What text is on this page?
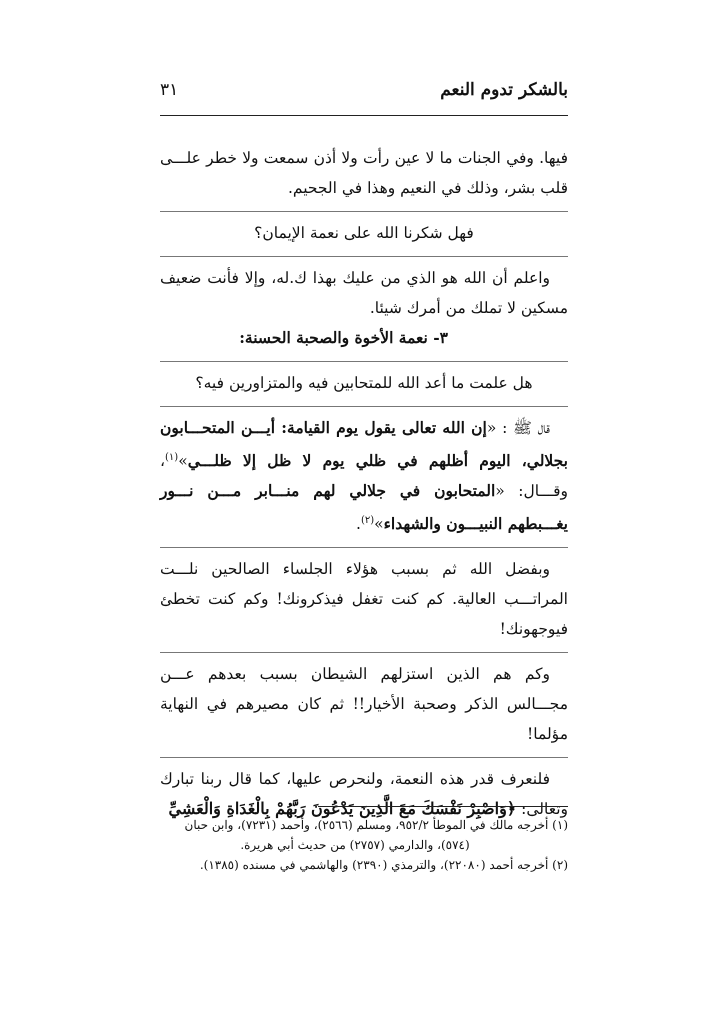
بالشكر تدوم النعم
٣١

فيها. وفي الجنات ما لا عين رأت ولا أذن سمعت ولا خطر علـــى قلب بشر، وذلك في النعيم وهذا في الجحيم.

فهل شكرنا الله على نعمة الإيمان؟

واعلم أن الله هو الذي من عليك بهذا ك.له، وإلا فأنت ضعيف مسكين لا تملك من أمرك شيئا.

٣- نعمة الأخوة والصحبة الحسنة:

هل علمت ما أعد الله للمتحابين فيه والمتزاورين فيه؟

قال ﷺ : «إن الله تعالى يقول يوم القيامة: أيـــن المتحـــابون بجلالي، اليوم أظلهم في ظلي يوم لا ظل إلا ظلـــي»$^{(١)}$، وقـــال: «المتحابون في جلالي لهم منـــابر مـــن نـــور يغـــبطهم النبيـــون والشهداء»$^{(٢)}$.

وبفضل الله ثم بسبب هؤلاء الجلساء الصالحين نلـــت المراتـــب العالية. كم كنت تغفل فيذكرونك! وكم كنت تخطئ فيوجهونك!

وكم هم الذين استزلهم الشيطان بسبب بعدهم عـــن مجـــالس الذكر وصحبة الأخيار!! ثم كان مصيرهم في النهاية مؤلما!

فلنعرف قدر هذه النعمة، ولنحرص عليها، كما قال ربنا تبارك وتعالى: ﴿وَاصْبِرْ نَفْسَكَ مَعَ الَّذِينَ يَدْعُونَ رَبَّهُمْ بِالْغَدَاةِ وَالْعَشِيِّ

(١) أخرجه مالك في الموطأ ٩٥٢/٢، ومسلم (٢٥٦٦)، وأحمد (٧٢٣١)، وابن حبان

(٥٧٤)، والدارمي (٢٧٥٧) من حديث أبي هريرة.

(٢) أخرجه أحمد (٢٢٠٨٠)، والترمذي (٢٣٩٠) والهاشمي في مسنده (١٣٨٥).
